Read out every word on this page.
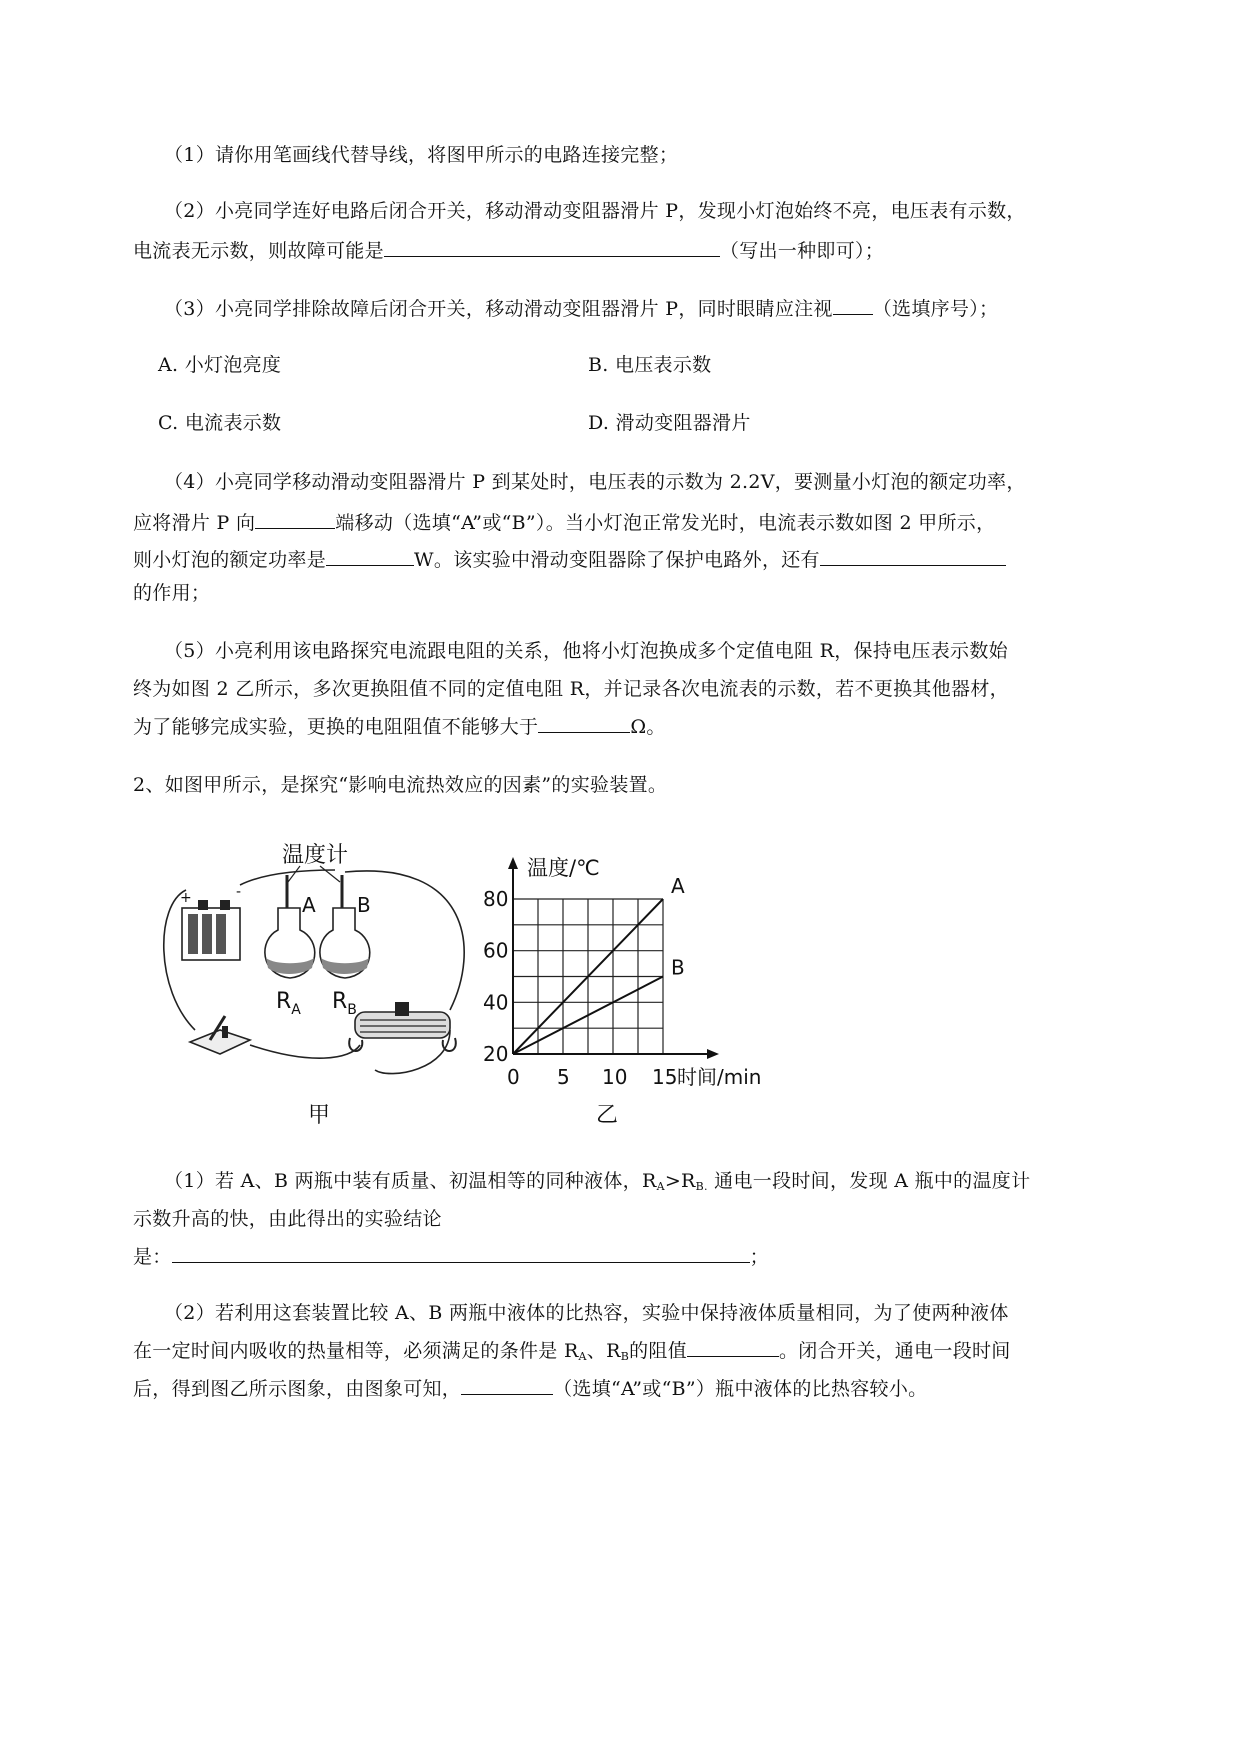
（1）请你用笔画线代替导线，将图甲所示的电路连接完整；
（2）小亮同学连好电路后闭合开关，移动滑动变阻器滑片 P，发现小灯泡始终不亮，电压表有示数，
电流表无示数，则故障可能是	（写出一种即可）；
（3）小亮同学排除故障后闭合开关，移动滑动变阻器滑片 P，同时眼睛应注视 （选填序号）；
A. 小灯泡亮度	B. 电压表示数
C. 电流表示数	D. 滑动变阻器滑片
（4）小亮同学移动滑动变阻器滑片 P 到某处时，电压表的示数为 2.2V，要测量小灯泡的额定功率，
应将滑片 P 向	端移动（选填“A”或“B”）。当小灯泡正常发光时，电流表示数如图 2 甲所示，
则小灯泡的额定功率是	W。该实验中滑动变阻器除了保护电路外，还有
的作用；
（5）小亮利用该电路探究电流跟电阻的关系，他将小灯泡换成多个定值电阻 R，保持电压表示数始
终为如图 2 乙所示，多次更换阻值不同的定值电阻 R，并记录各次电流表的示数，若不更换其他器材，
为了能够完成实验，更换的电阻阻值不能够大于	Ω。
2、如图甲所示，是探究“影响电流热效应的因素”的实验装置。
+	-
温度计
A
$R_A$
B
$R_B$
甲
20
40
60
80
0 5 10 15
温度/℃
时间/min
A
B
乙
（1）若 A、B 两瓶中装有质量、初温相等的同种液体，$R_A>R_{B.}$ 通电一段时间，发现 A 瓶中的温度计
示数升高的快，由此得出的实验结论
是：	；
（2）若利用这套装置比较 A、B 两瓶中液体的比热容，实验中保持液体质量相同，为了使两种液体
在一定时间内吸收的热量相等，必须满足的条件是 $R_A$、$R_B$的阻值	。闭合开关，通电一段时间
后，得到图乙所示图象，由图象可知，	（选填“A”或“B”）瓶中液体的比热容较小。
